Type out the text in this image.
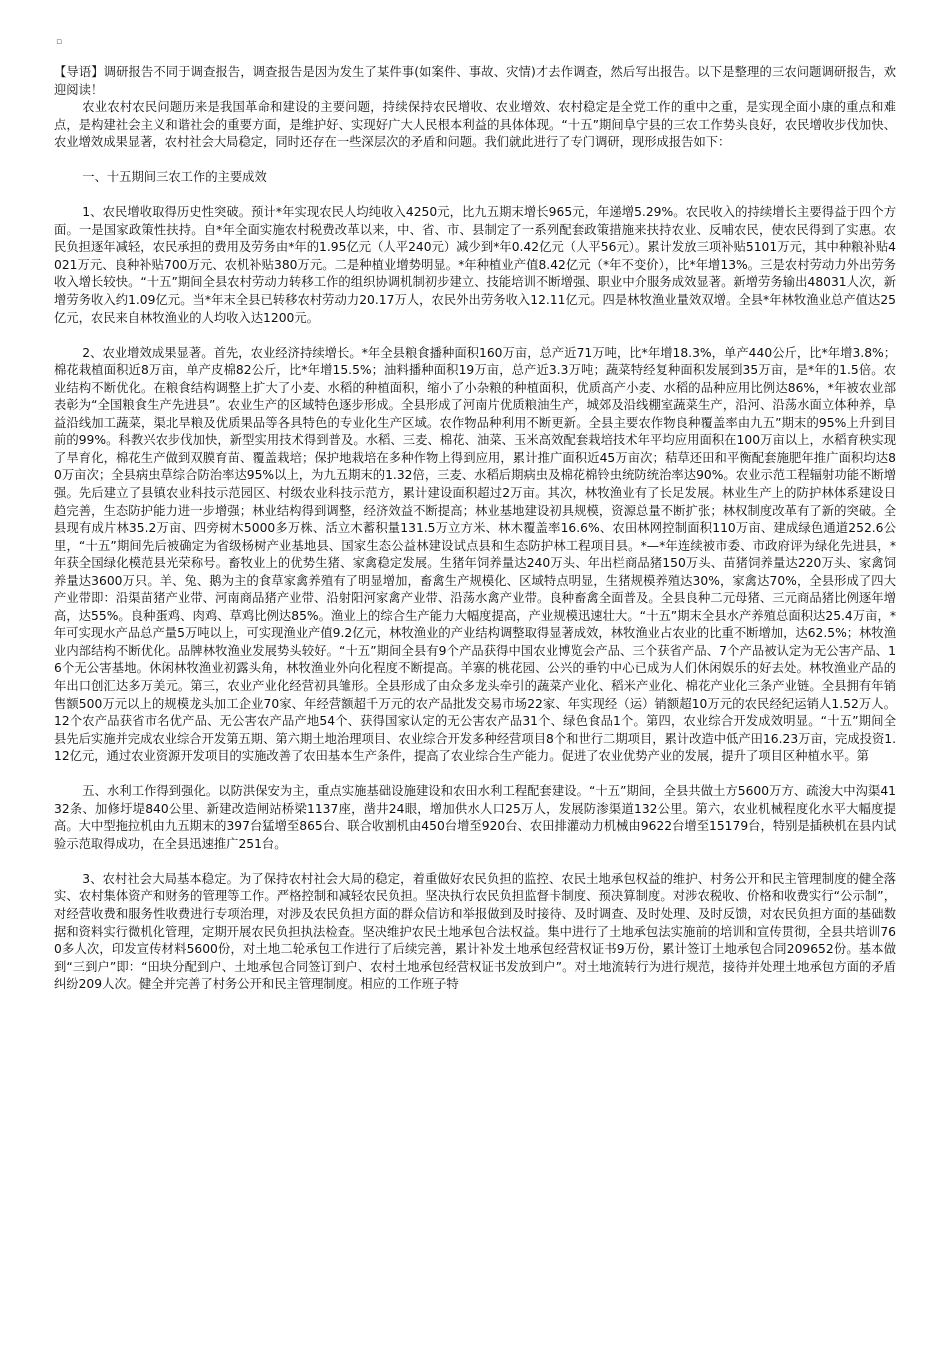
▫

【导语】调研报告不同于调查报告，调查报告是因为发生了某件事(如案件、事故、灾情)才去作调查，然后写出报告。以下是整理的三农问题调研报告，欢迎阅读！

农业农村农民问题历来是我国革命和建设的主要问题，持续保持农民增收、农业增效、农村稳定是全党工作的重中之重，是实现全面小康的重点和难点，是构建社会主义和谐社会的重要方面，是维护好、实现好广大人民根本利益的具体体现。“十五”期间阜宁县的三农工作势头良好，农民增收步伐加快、农业增效成果显著，农村社会大局稳定，同时还存在一些深层次的矛盾和问题。我们就此进行了专门调研，现形成报告如下：

一、十五期间三农工作的主要成效

1、农民增收取得历史性突破。预计*年实现农民人均纯收入4250元，比九五期末增长965元，年递增5.29%。农民收入的持续增长主要得益于四个方面。一是国家政策性扶持。自*年全面实施农村税费改革以来，中、省、市、县制定了一系列配套政策措施来扶持农业、反哺农民，使农民得到了实惠。农民负担逐年减轻，农民承担的费用及劳务由*年的1.95亿元（人平240元）减少到*年0.42亿元（人平56元）。累计发放三项补贴5101万元，其中种粮补贴4021万元、良种补贴700万元、农机补贴380万元。二是种植业增势明显。*年种植业产值8.42亿元（*年不变价），比*年增13%。三是农村劳动力外出劳务收入增长较快。“十五”期间全县农村劳动力转移工作的组织协调机制初步建立、技能培训不断增强、职业中介服务成效显著。新增劳务输出48031人次，新增劳务收入约1.09亿元。当*年末全县已转移农村劳动力20.17万人，农民外出劳务收入12.11亿元。四是林牧渔业量效双增。全县*年林牧渔业总产值达25亿元，农民来自林牧渔业的人均收入达1200元。

2、农业增效成果显著。首先，农业经济持续增长。*年全县粮食播种面积160万亩，总产近71万吨，比*年增18.3%，单产440公斤，比*年增3.8%；棉花栽植面积近8万亩，单产皮棉82公斤，比*年增15.5%；油料播种面积19万亩，总产近3.3万吨；蔬菜特经复种面积发展到35万亩，是*年的1.5倍。农业结构不断优化。在粮食结构调整上扩大了小麦、水稻的种植面积，缩小了小杂粮的种植面积，优质高产小麦、水稻的品种应用比例达86%，*年被农业部表彰为“全国粮食生产先进县”。农业生产的区域特色逐步形成。全县形成了河南片优质粮油生产，城郊及沿线棚室蔬菜生产，沿河、沿荡水面立体种养，阜益沿线加工蔬菜，渠北旱粮及优质果品等各具特色的专业化生产区域。农作物品种利用不断更新。全县主要农作物良种覆盖率由九五”期末的95%上升到目前的99%。科教兴农步伐加快，新型实用技术得到普及。水稻、三麦、棉花、油菜、玉米高效配套栽培技术年平均应用面积在100万亩以上，水稻育秧实现了旱育化，棉花生产做到双膜育苗、覆盖栽培；保护地栽培在多种作物上得到应用，累计推广面积近45万亩次；秸草还田和平衡配套施肥年推广面积均达80万亩次；全县病虫草综合防治率达95%以上，为九五期末的1.32倍，三麦、水稻后期病虫及棉花棉铃虫统防统治率达90%。农业示范工程辐射功能不断增强。先后建立了县镇农业科技示范园区、村级农业科技示范方，累计建设面积超过2万亩。其次，林牧渔业有了长足发展。林业生产上的防护林体系建设日趋完善，生态防护能力进一步增强；林业结构得到调整，经济效益不断提高；林业基地建设初具规模，资源总量不断扩张；林权制度改革有了新的突破。全县现有成片林35.2万亩、四旁树木5000多万株、活立木蓄积量131.5万立方米、林木覆盖率16.6%、农田林网控制面积110万亩、建成绿色通道252.6公里，“十五”期间先后被确定为省级杨树产业基地县、国家生态公益林建设试点县和生态防护林工程项目县。*—*年连续被市委、市政府评为绿化先进县，*年获全国绿化模范县光荣称号。畜牧业上的优势生猪、家禽稳定发展。生猪年饲养量达240万头、年出栏商品猪150万头、苗猪饲养量达220万头、家禽饲养量达3600万只。羊、兔、鹅为主的食草家禽养殖有了明显增加，畜禽生产规模化、区域特点明显，生猪规模养殖达30%，家禽达70%，全县形成了四大产业带即：沿渠苗猪产业带、河南商品猪产业带、沿射阳河家禽产业带、沿荡水禽产业带。良种畜禽全面普及。全县良种二元母猪、三元商品猪比例逐年增高，达55%。良种蛋鸡、肉鸡、草鸡比例达85%。渔业上的综合生产能力大幅度提高，产业规模迅速壮大。“十五”期末全县水产养殖总面积达25.4万亩，*年可实现水产品总产量5万吨以上，可实现渔业产值9.2亿元，林牧渔业的产业结构调整取得显著成效，林牧渔业占农业的比重不断增加，达62.5%；林牧渔业内部结构不断优化。品牌林牧渔业发展势头较好。“十五”期间全县有9个产品获得中国农业博览会产品、三个获省产品、7个产品被认定为无公害产品、16个无公害基地。休闲林牧渔业初露头角，林牧渔业外向化程度不断提高。羊寨的桃花园、公兴的垂钓中心已成为人们休闲娱乐的好去处。林牧渔业产品的年出口创汇达多万美元。第三，农业产业化经营初具雏形。全县形成了由众多龙头牵引的蔬菜产业化、稻米产业化、棉花产业化三条产业链。全县拥有年销售额500万元以上的规模龙头加工企业70家、年经营额超千万元的农产品批发交易市场22家、年实现经（运）销额超10万元的农民经纪运销人1.52万人。12个农产品获省市名优产品、无公害农产品产地54个、获得国家认定的无公害农产品31个、绿色食品1个。第四，农业综合开发成效明显。“十五”期间全县先后实施并完成农业综合开发第五期、第六期土地治理项目、农业综合开发多种经营项目8个和世行二期项目，累计改造中低产田16.23万亩，完成投资1.12亿元，通过农业资源开发项目的实施改善了农田基本生产条件，提高了农业综合生产能力。促进了农业优势产业的发展，提升了项目区种植水平。第

五、水利工作得到强化。以防洪保安为主，重点实施基础设施建设和农田水利工程配套建设。“十五”期间，全县共做土方5600万方、疏浚大中沟渠4132条、加修圩堤840公里、新建改造闸站桥梁1137座，凿井24眼，增加供水人口25万人，发展防渗渠道132公里。第六，农业机械程度化水平大幅度提高。大中型拖拉机由九五期末的397台猛增至865台、联合收割机由450台增至920台、农田排灌动力机械由9622台增至15179台，特别是插秧机在县内试验示范取得成功，在全县迅速推广251台。

3、农村社会大局基本稳定。为了保持农村社会大局的稳定，着重做好农民负担的监控、农民土地承包权益的维护、村务公开和民主管理制度的健全落实、农村集体资产和财务的管理等工作。严格控制和减轻农民负担。坚决执行农民负担监督卡制度、预决算制度。对涉农税收、价格和收费实行“公示制”，对经营收费和服务性收费进行专项治理，对涉及农民负担方面的群众信访和举报做到及时接待、及时调查、及时处理、及时反馈，对农民负担方面的基础数据和资料实行微机化管理，定期开展农民负担执法检查。坚决维护农民土地承包合法权益。集中进行了土地承包法实施前的培训和宣传贯彻，全县共培训760多人次，印发宣传材料5600份，对土地二轮承包工作进行了后续完善，累计补发土地承包经营权证书9万份，累计签订土地承包合同209652份。基本做到“三到户”即：“田块分配到户、土地承包合同签订到户、农村土地承包经营权证书发放到户”。对土地流转行为进行规范，接待并处理土地承包方面的矛盾纠纷209人次。健全并完善了村务公开和民主管理制度。相应的工作班子特
